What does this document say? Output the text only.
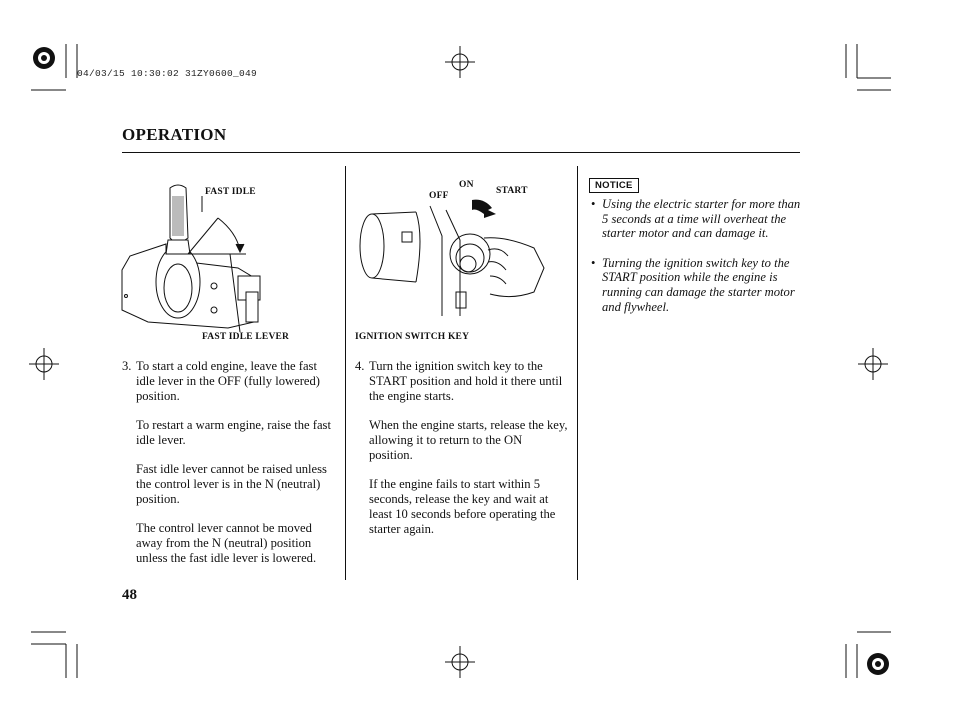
04/03/15 10:30:02 31ZY0600_049
OPERATION
FAST IDLE
FAST IDLE LEVER
ON
OFF	START
IGNITION SWITCH KEY
3. To start a cold engine, leave the fast idle lever in the OFF (fully lowered) position.

To restart a warm engine, raise the fast idle lever.

Fast idle lever cannot be raised unless the control lever is in the N (neutral) position.

The control lever cannot be moved away from the N (neutral) position unless the fast idle lever is lowered.

4. Turn the ignition switch key to the START position and hold it there until the engine starts.

When the engine starts, release the key, allowing it to return to the ON position.

If the engine fails to start within 5 seconds, release the key and wait at least 10 seconds before operating the starter again.

NOTICE
• Using the electric starter for more than 5 seconds at a time will overheat the starter motor and can damage it.
• Turning the ignition switch key to the START position while the engine is running can damage the starter motor and flywheel.
48
